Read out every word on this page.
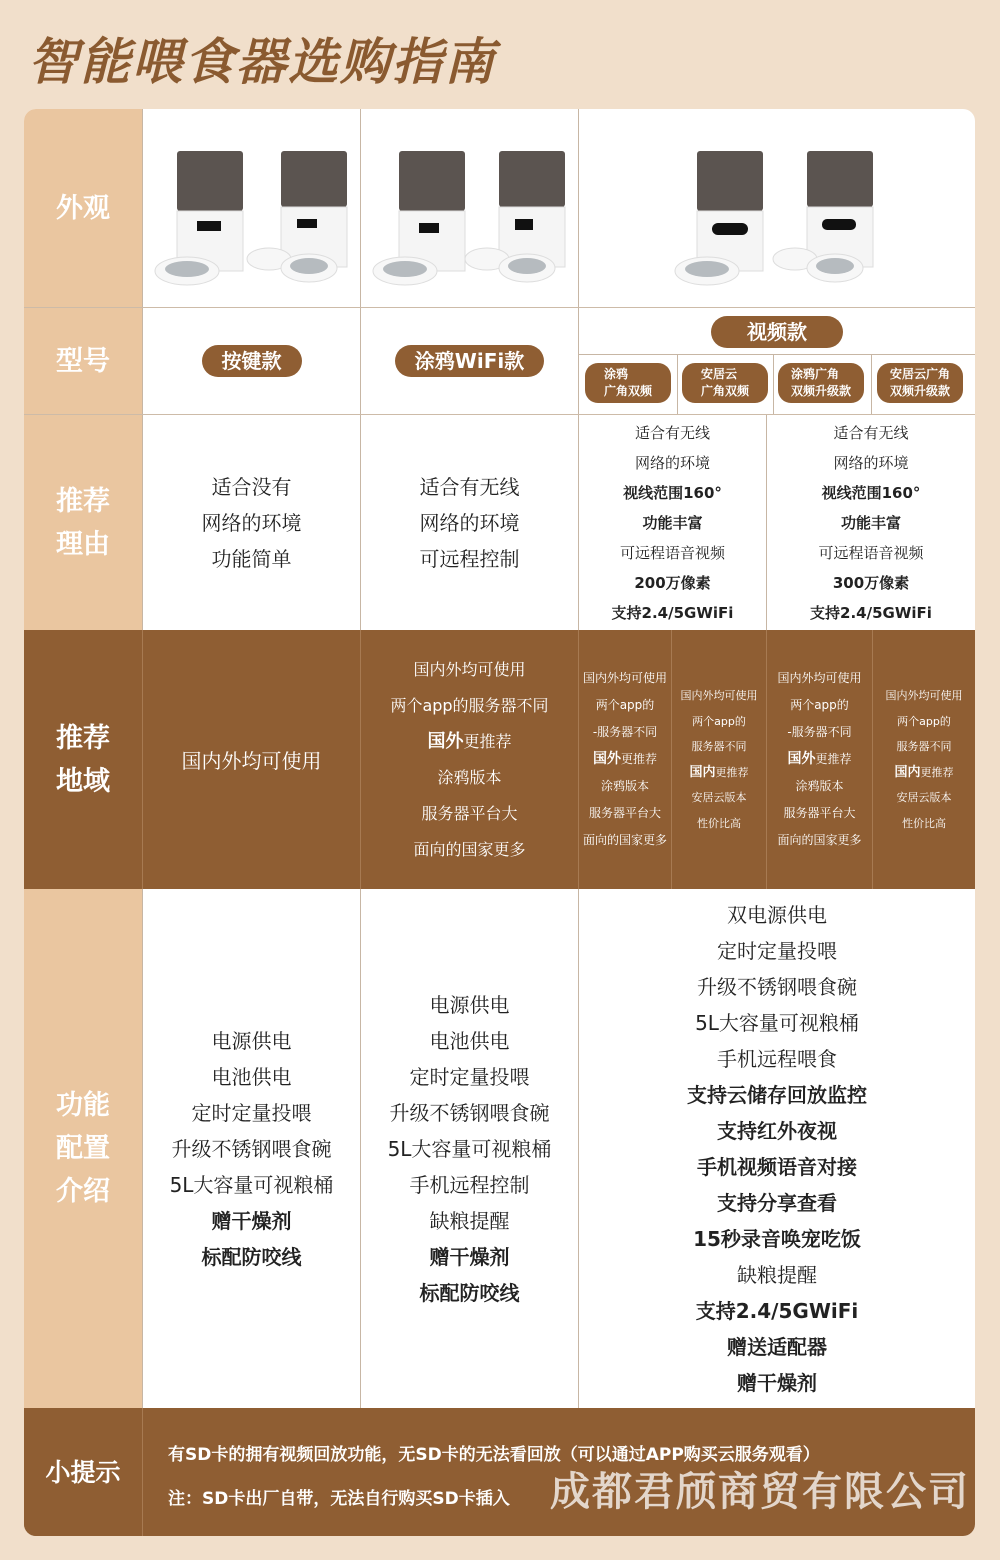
智能喂食器选购指南
外观
型号	按键款	涂鸦WiFi款
视频款
涂鸦
广角双频
安居云
广角双频
涂鸦广角
双频升级款
安居云广角
双频升级款
推荐
理由
适合没有
网络的环境
功能简单
适合有无线
网络的环境
可远程控制
适合有无线
网络的环境
视线范围160°
功能丰富
可远程语音视频
200万像素
支持2.4/5GWiFi
适合有无线
网络的环境
视线范围160°
功能丰富
可远程语音视频
300万像素
支持2.4/5GWiFi
推荐
地域
国内外均可使用
国内外均可使用
两个app的服务器不同
国外更推荐
涂鸦版本
服务器平台大
面向的国家更多
国内外均可使用
两个app的
-服务器不同
国外更推荐
涂鸦版本
服务器平台大
面向的国家更多
国内外均可使用
两个app的
服务器不同
国内更推荐
安居云版本
性价比高
国内外均可使用
两个app的
-服务器不同
国外更推荐
涂鸦版本
服务器平台大
面向的国家更多
国内外均可使用
两个app的
服务器不同
国内更推荐
安居云版本
性价比高
功能
配置
介绍
电源供电
电池供电
定时定量投喂
升级不锈钢喂食碗
5L大容量可视粮桶
赠干燥剂
标配防咬线
电源供电
电池供电
定时定量投喂
升级不锈钢喂食碗
5L大容量可视粮桶
手机远程控制
缺粮提醒
赠干燥剂
标配防咬线
双电源供电
定时定量投喂
升级不锈钢喂食碗
5L大容量可视粮桶
手机远程喂食
支持云储存回放监控
支持红外夜视
手机视频语音对接
支持分享查看
15秒录音唤宠吃饭
缺粮提醒
支持2.4/5GWiFi
赠送适配器
赠干燥剂
小提示
有SD卡的拥有视频回放功能，无SD卡的无法看回放（可以通过APP购买云服务观看）
注：SD卡出厂自带，无法自行购买SD卡插入 成都君颀商贸有限公司
